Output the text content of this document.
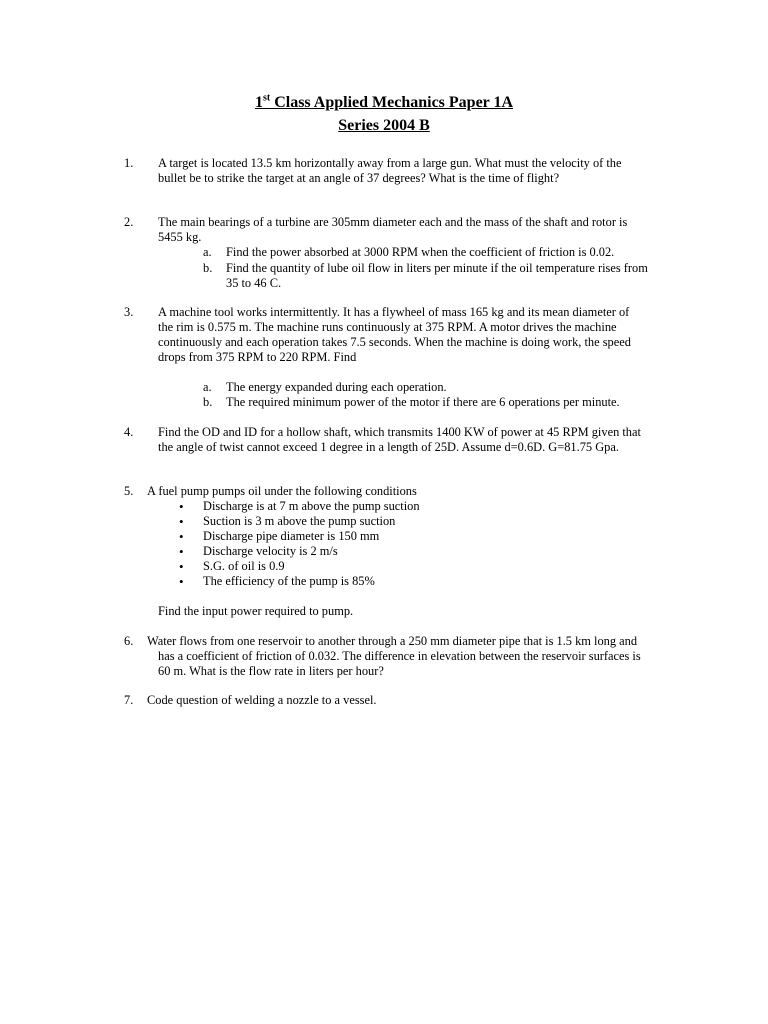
1st Class Applied Mechanics Paper 1A
Series 2004 B
1. A target is located 13.5 km horizontally away from a large gun. What must the velocity of the
bullet be to strike the target at an angle of 37 degrees? What is the time of flight?
2. The main bearings of a turbine are 305mm diameter each and the mass of the shaft and rotor is
5455 kg.
a. Find the power absorbed at 3000 RPM when the coefficient of friction is 0.02.
b. Find the quantity of lube oil flow in liters per minute if the oil temperature rises from
35 to 46 C.
3. A machine tool works intermittently. It has a flywheel of mass 165 kg and its mean diameter of
the rim is 0.575 m. The machine runs continuously at 375 RPM. A motor drives the machine
continuously and each operation takes 7.5 seconds. When the machine is doing work, the speed
drops from 375 RPM to 220 RPM. Find
a. The energy expanded during each operation.
b. The required minimum power of the motor if there are 6 operations per minute.
4. Find the OD and ID for a hollow shaft, which transmits 1400 KW of power at 45 RPM given that
the angle of twist cannot exceed 1 degree in a length of 25D. Assume d=0.6D. G=81.75 Gpa.
5. A fuel pump pumps oil under the following conditions
• Discharge is at 7 m above the pump suction
• Suction is 3 m above the pump suction
• Discharge pipe diameter is 150 mm
• Discharge velocity is 2 m/s
• S.G. of oil is 0.9
• The efficiency of the pump is 85%
Find the input power required to pump.
6. Water flows from one reservoir to another through a 250 mm diameter pipe that is 1.5 km long and
has a coefficient of friction of 0.032. The difference in elevation between the reservoir surfaces is
60 m. What is the flow rate in liters per hour?
7. Code question of welding a nozzle to a vessel.
